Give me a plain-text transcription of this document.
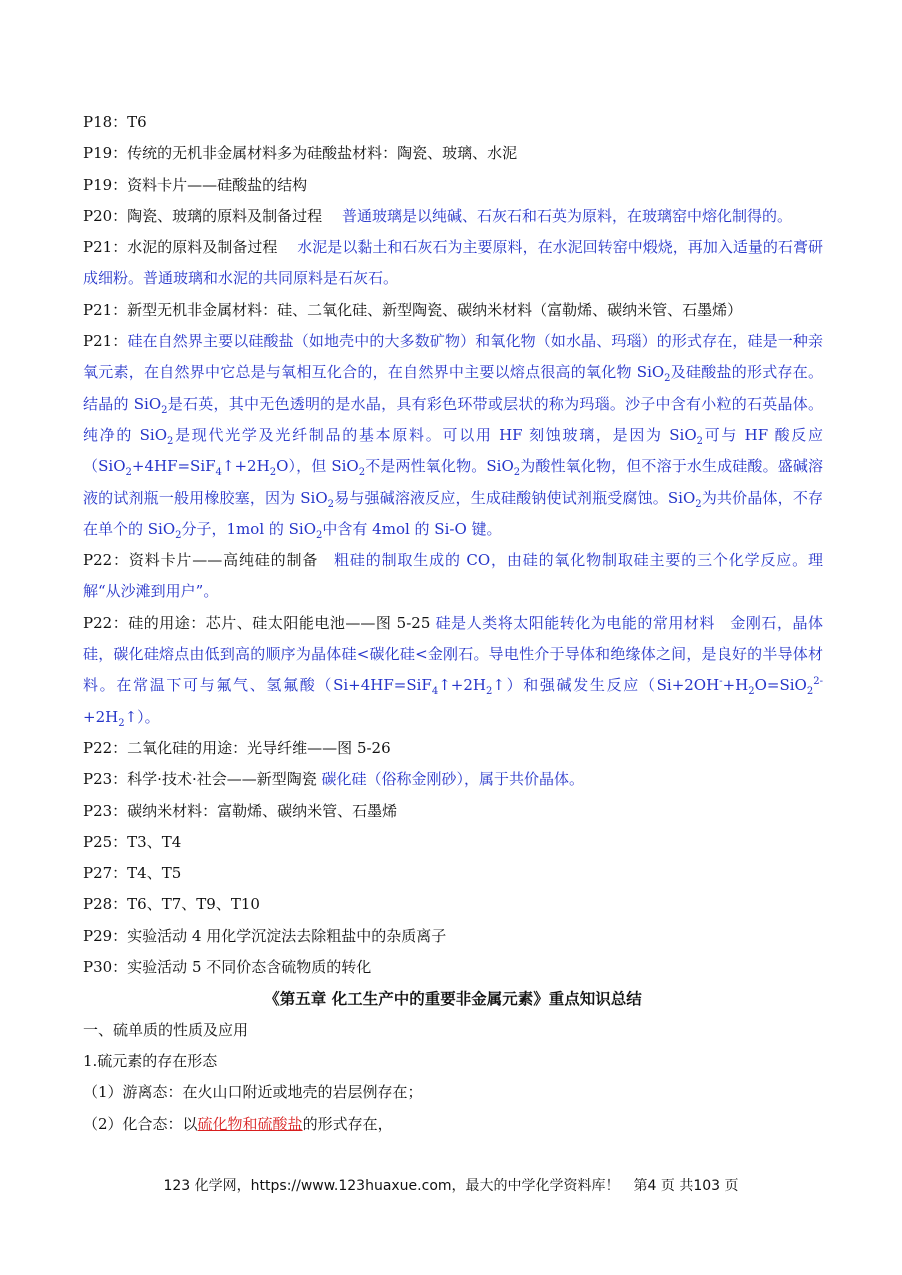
P18：T6
P19：传统的无机非金属材料多为硅酸盐材料：陶瓷、玻璃、水泥
P19：资料卡片——硅酸盐的结构
P20：陶瓷、玻璃的原料及制备过程　 普通玻璃是以纯碱、石灰石和石英为原料，在玻璃窑中熔化制得的。
P21：水泥的原料及制备过程　 水泥是以黏土和石灰石为主要原料，在水泥回转窑中煅烧，再加入适量的石膏研成细粉。普通玻璃和水泥的共同原料是石灰石。
P21：新型无机非金属材料：硅、二氧化硅、新型陶瓷、碳纳米材料（富勒烯、碳纳米管、石墨烯）
P21：硅在自然界主要以硅酸盐（如地壳中的大多数矿物）和氧化物（如水晶、玛瑙）的形式存在，硅是一种亲氧元素，在自然界中它总是与氧相互化合的，在自然界中主要以熔点很高的氧化物 SiO$_2$及硅酸盐的形式存在。结晶的 SiO$_2$是石英，其中无色透明的是水晶，具有彩色环带或层状的称为玛瑙。沙子中含有小粒的石英晶体。纯净的 SiO$_2$是现代光学及光纤制品的基本原料。可以用 HF 刻蚀玻璃，是因为 SiO$_2$可与 HF 酸反应$(SiO_2+4HF=SiF_4↑+2H_2O)$，但 SiO$_2$不是两性氧化物。SiO$_2$为酸性氧化物，但不溶于水生成硅酸。盛碱溶液的试剂瓶一般用橡胶塞，因为 SiO$_2$易与强碱溶液反应，生成硅酸钠使试剂瓶受腐蚀。SiO$_2$为共价晶体，不存在单个的 SiO$_2$分子，1mol 的 SiO$_2$中含有 4mol 的 Si-O 键。
P22：资料卡片——高纯硅的制备　 粗硅的制取生成的 CO，由硅的氧化物制取硅主要的三个化学反应。理解“从沙滩到用户”。
P22：硅的用途：芯片、硅太阳能电池——图 5-25 硅是人类将太阳能转化为电能的常用材料　金刚石，晶体硅，碳化硅熔点由低到高的顺序为晶体硅<碳化硅<金刚石。导电性介于导体和绝缘体之间，是良好的半导体材料。在常温下可与氟气、氢氟酸$(Si+4HF=SiF_4↑+2H_2↑)$和强碱发生反应$(Si+2OH^-+H_2O=SiO_2^{2-}+2H_2↑)$。
P22：二氧化硅的用途：光导纤维——图 5-26
P23：科学·技术·社会——新型陶瓷 碳化硅（俗称金刚砂），属于共价晶体。
P23：碳纳米材料：富勒烯、碳纳米管、石墨烯
P25：T3、T4
P27：T4、T5
P28：T6、T7、T9、T10
P29：实验活动 4 用化学沉淀法去除粗盐中的杂质离子
P30：实验活动 5 不同价态含硫物质的转化
《第五章 化工生产中的重要非金属元素》重点知识总结
一、硫单质的性质及应用
1.硫元素的存在形态
（1）游离态：在火山口附近或地壳的岩层例存在；
（2）化合态：以硫化物和硫酸盐的形式存在，
123 化学网，https://www.123huaxue.com，最大的中学化学资料库！　第4 页 共103 页
